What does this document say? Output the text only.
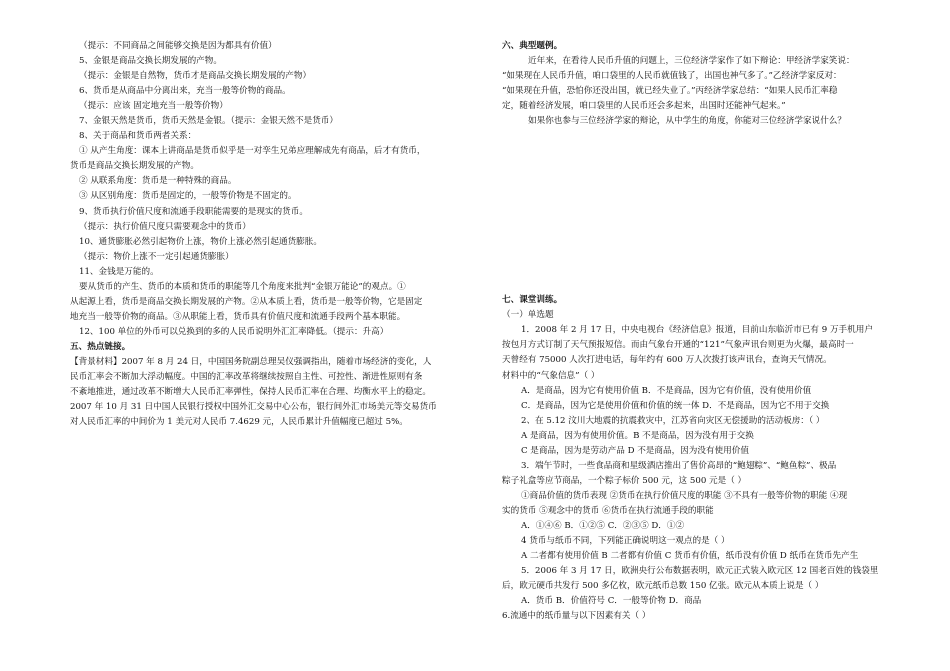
（提示：不同商品之间能够交换是因为都具有价值）
5、金银是商品交换长期发展的产物。
（提示：金银是自然物，货币才是商品交换长期发展的产物）
6、货币是从商品中分离出来，充当一般等价物的商品。
（提示：应该 固定地充当一般等价物）
7、金银天然是货币，货币天然是金银。（提示：金银天然不是货币）
8、关于商品和货币两者关系：
① 从产生角度：课本上讲商品是货币似乎是一对孪生兄弟应理解成先有商品，后才有货币，
货币是商品交换长期发展的产物。
② 从联系角度：货币是一种特殊的商品。
③ 从区别角度：货币是固定的，一般等价物是不固定的。
9、货币执行价值尺度和流通手段职能需要的是现实的货币。
（提示：执行价值尺度只需要观念中的货币）
10、通货膨胀必然引起物价上涨，物价上涨必然引起通货膨胀。
（提示：物价上涨不一定引起通货膨胀）
11、金钱是万能的。
要从货币的产生、货币的本质和货币的职能等几个角度来批判“金银万能论”的观点。①
从起源上看，货币是商品交换长期发展的产物。②从本质上看，货币是一般等价物，它是固定
地充当一般等价物的商品。③从职能上看，货币具有价值尺度和流通手段两个基本职能。
12、100 单位的外币可以兑换到的多的人民币说明外汇汇率降低。（提示：升高）
五、热点链接。
【背景材料】2007 年 8 月 24 日，中国国务院副总理吴仪强调指出，随着市场经济的变化，人
民币汇率会不断加大浮动幅度。中国的汇率改革将继续按照自主性、可控性、渐进性原则有条
不紊地推进，通过改革不断增大人民币汇率弹性，保持人民币汇率在合理、均衡水平上的稳定。
2007 年 10 月 31 日中国人民银行授权中国外汇交易中心公布，银行间外汇市场美元等交易货币
对人民币汇率的中间价为 1 美元对人民币 7.4629 元，人民币累计升值幅度已超过 5%。
六、典型题例。
近年来，在看待人民币升值的问题上，三位经济学家作了如下辩论：甲经济学家笑说：
“如果现在人民币升值，咱口袋里的人民币就值钱了，出国也神气多了。”乙经济学家反对：
“如果现在升值，恐怕你还没出国，就已经失业了。”丙经济学家总结：“如果人民币汇率稳
定，随着经济发展，咱口袋里的人民币还会多起来，出国时还能神气起来。”
如果你也参与三位经济学家的辩论，从中学生的角度，你能对三位经济学家说什么？
七、课堂训练。
（一）单选题
1．2008 年 2 月 17 日，中央电视台《经济信息》报道，目前山东临沂市已有 9 万手机用户
按包月方式订制了天气预报短信。而由气象台开通的“121”气象声讯台则更为火爆，最高时一
天曾经有 75000 人次打进电话，每年约有 600 万人次拨打该声讯台，查询天气情况。
材料中的“气象信息”（ ）
A．是商品，因为它有使用价值 B．不是商品，因为它有价值，没有使用价值
C．是商品，因为它是使用价值和价值的统一体 D．不是商品，因为它不用于交换
2、在 5.12 汶川大地震的抗震救灾中，江苏省向灾区无偿援助的活动板房：（ ）
A 是商品，因为有使用价值。B 不是商品，因为没有用于交换
C 是商品，因为是劳动产品 D 不是商品，因为没有使用价值
3．端午节时，一些食品商和星级酒店推出了售价高昂的“鲍翅粽”、“鲍鱼粽”、极品
粽子礼盒等应节商品，一个粽子标价 500 元，这 500 元是（ ）
①商品价值的货币表现 ②货币在执行价值尺度的职能 ③不具有一般等价物的职能 ④现
实的货币 ⑤观念中的货币 ⑥货币在执行流通手段的职能
A．①④⑥ B．①②⑤ C．②③⑤ D．①②
4 货币与纸币不同，下列能正确说明这一观点的是（ ）
A 二者都有使用价值 B 二者都有价值 C 货币有价值，纸币没有价值 D 纸币在货币先产生
5．2006 年 3 月 17 日，欧洲央行公布数据表明，欧元正式装入欧元区 12 国老百姓的钱袋里
后，欧元硬币共发行 500 多亿枚，欧元纸币总数 150 亿张。欧元从本质上说是（ ）
A．货币 B．价值符号 C．一般等价物 D．商品
6.流通中的纸币量与以下因素有关（ ）
